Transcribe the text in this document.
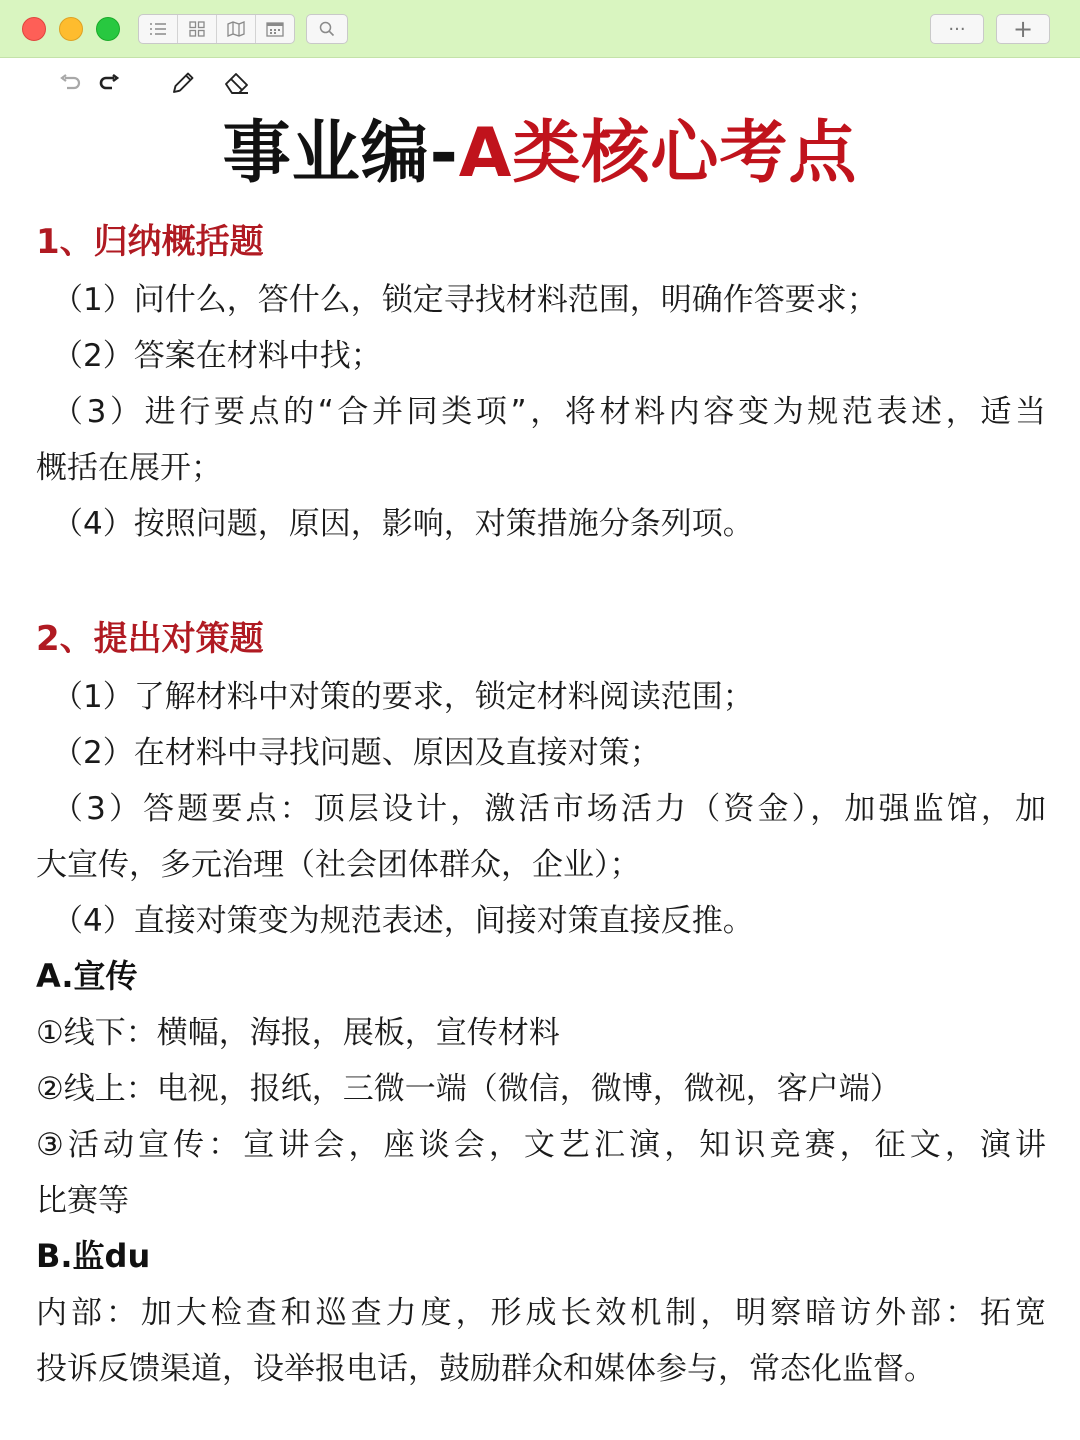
··· +
事业编-A类核心考点
1、归纳概括题
（1）问什么，答什么，锁定寻找材料范围，明确作答要求；
（2）答案在材料中找；
（3）进行要点的“合并同类项”，将材料内容变为规范表述，适当
概括在展开；
（4）按照问题，原因，影响，对策措施分条列项。
2、提出对策题
（1）了解材料中对策的要求，锁定材料阅读范围；
（2）在材料中寻找问题、原因及直接对策；
（3）答题要点：顶层设计，激活市场活力（资金），加强监馆，加
大宣传，多元治理（社会团体群众，企业）；
（4）直接对策变为规范表述，间接对策直接反推。
A.宣传
①线下：横幅，海报，展板，宣传材料
②线上：电视，报纸，三微一端（微信，微博，微视，客户端）
③活动宣传：宣讲会，座谈会，文艺汇演，知识竞赛，征文，演讲
比赛等
B.监du
内部：加大检查和巡查力度，形成长效机制，明察暗访外部：拓宽
投诉反馈渠道，设举报电话，鼓励群众和媒体参与，常态化监督。
